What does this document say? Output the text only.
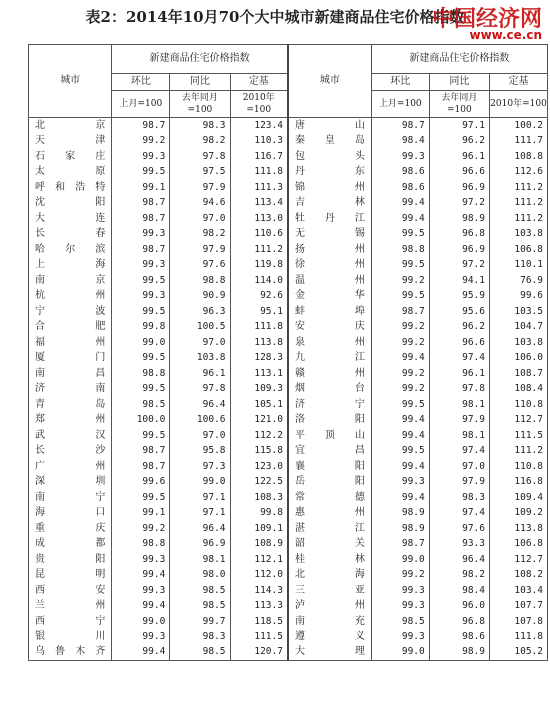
表2：2014年10月70个大中城市新建商品住宅价格指数
中国经济网
www.ce.cn
城市	新建商品住宅价格指数			城市	新建商品住宅价格指数		
	环比	同比	定基		环比	同比	定基
	上月=100	去年同月=100	2010年=100		上月=100	去年同月=100	2010年=100
北　京	98.7	98.3	123.4	唐　山	98.7	97.1	100.2
天　津	99.2	98.2	110.3	秦皇岛	98.4	96.2	111.7
石家庄	99.3	97.8	116.7	包　头	99.3	96.1	108.8
太　原	99.5	97.5	111.8	丹　东	98.6	96.6	112.6
呼和浩特	99.1	97.9	111.3	锦　州	98.6	96.9	111.2
沈　阳	98.7	94.6	113.4	吉　林	99.4	97.2	111.2
大　连	98.7	97.0	113.0	牡丹江	99.4	98.9	111.2
长　春	99.3	98.2	110.6	无　锡	99.5	96.8	103.8
哈尔滨	98.7	97.9	111.2	扬　州	98.8	96.9	106.8
上　海	99.3	97.6	119.8	徐　州	99.5	97.2	110.1
南　京	99.5	98.8	114.0	温　州	99.2	94.1	76.9
杭　州	99.3	90.9	92.6	金　华	99.5	95.9	99.6
宁　波	99.5	96.3	95.1	蚌　埠	98.7	95.6	103.5
合　肥	99.8	100.5	111.8	安　庆	99.2	96.2	104.7
福　州	99.0	97.0	113.8	泉　州	99.2	96.6	103.8
厦　门	99.5	103.8	128.3	九　江	99.4	97.4	106.0
南　昌	98.8	96.1	113.1	赣　州	99.2	96.1	108.7
济　南	99.5	97.8	109.3	烟　台	99.2	97.8	108.4
青　岛	98.5	96.4	105.1	济　宁	99.5	98.1	110.8
郑　州	100.0	100.6	121.0	洛　阳	99.4	97.9	112.7
武　汉	99.5	97.0	112.2	平顶山	99.4	98.1	111.5
长　沙	98.7	95.8	115.8	宜　昌	99.5	97.4	111.2
广　州	98.7	97.3	123.0	襄　阳	99.4	97.0	110.8
深　圳	99.6	99.0	122.5	岳　阳	99.3	97.9	116.8
南　宁	99.5	97.1	108.3	常　德	99.4	98.3	109.4
海　口	99.1	97.1	99.8	惠　州	98.9	97.4	109.2
重　庆	99.2	96.4	109.1	湛　江	98.9	97.6	113.8
成　都	98.8	96.9	108.9	韶　关	98.7	93.3	106.8
贵　阳	99.3	98.1	112.1	桂　林	99.0	96.4	112.7
昆　明	99.4	98.0	112.0	北　海	99.2	98.2	108.2
西　安	99.3	98.5	114.3	三　亚	99.3	98.4	103.4
兰　州	99.4	98.5	113.3	泸　州	99.3	96.0	107.7
西　宁	99.0	99.7	118.5	南　充	98.5	96.8	107.8
银　川	99.3	98.3	111.5	遵　义	99.3	98.6	111.8
乌鲁木齐	99.4	98.5	120.7	大　理	99.0	98.9	105.2
